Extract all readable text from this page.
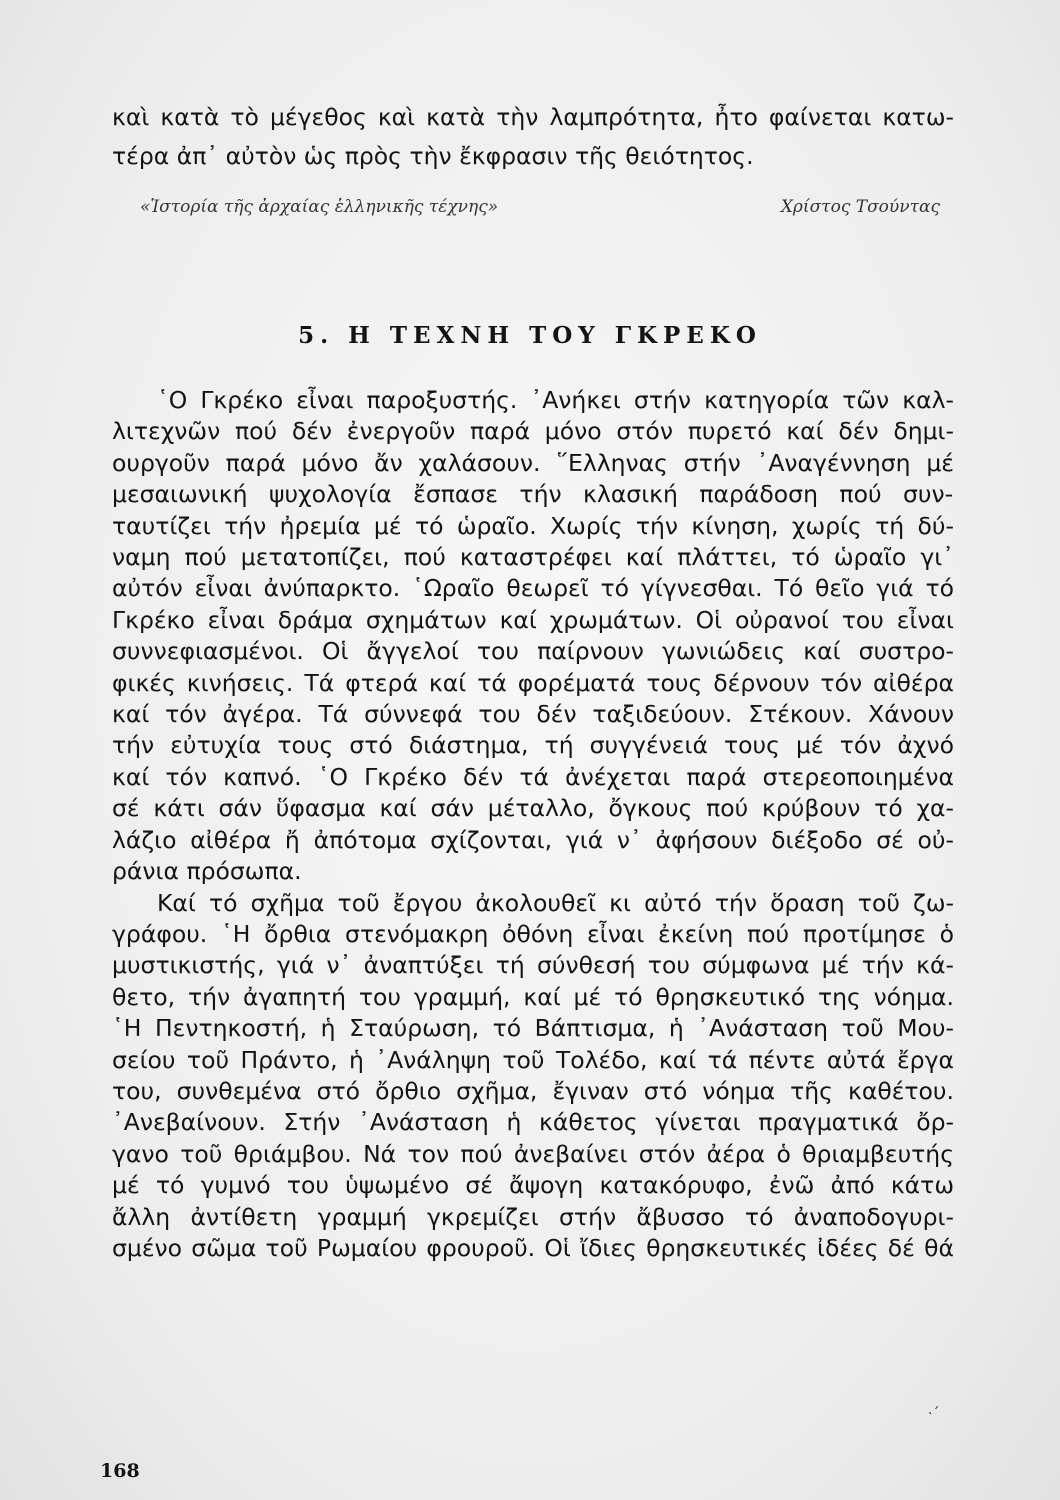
καὶ κατὰ τὸ μέγεθος καὶ κατὰ τὴν λαμπρότητα, ἦτο φαίνεται κατω-
τέρα ἀπ᾽ αὐτὸν ὡς πρὸς τὴν ἔκφρασιν τῆς θειότητος.
«Ἱστορία τῆς ἀρχαίας ἑλληνικῆς τέχνης»	Χρίστος Τσούντας
5. Η ΤΕΧΝΗ ΤΟΥ ΓΚΡΕΚΟ
῾Ο Γκρέκο εἶναι παροξυστής. ᾿Ανήκει στήν κατηγορία τῶν καλ-
λιτεχνῶν πού δέν ἐνεργοῦν παρά μόνο στόν πυρετό καί δέν δημι-
ουργοῦν παρά μόνο ἄν χαλάσουν. ῞Ελληνας στήν ᾿Αναγέννηση μέ
μεσαιωνική ψυχολογία ἔσπασε τήν κλασική παράδοση πού συν-
ταυτίζει τήν ἠρεμία μέ τό ὡραῖο. Χωρίς τήν κίνηση, χωρίς τή δύ-
ναμη πού μετατοπίζει, πού καταστρέφει καί πλάττει, τό ὡραῖο γι᾽
αὐτόν εἶναι ἀνύπαρκτο. ῾Ωραῖο θεωρεῖ τό γίγνεσθαι. Τό θεῖο γιά τό
Γκρέκο εἶναι δράμα σχημάτων καί χρωμάτων. Οἱ οὐρανοί του εἶναι
συννεφιασμένοι. Οἱ ἄγγελοί του παίρνουν γωνιώδεις καί συστρο-
φικές κινήσεις. Τά φτερά καί τά φορέματά τους δέρνουν τόν αἰθέρα
καί τόν ἀγέρα. Τά σύννεφά του δέν ταξιδεύουν. Στέκουν. Χάνουν
τήν εὐτυχία τους στό διάστημα, τή συγγένειά τους μέ τόν ἀχνό
καί τόν καπνό. ῾Ο Γκρέκο δέν τά ἀνέχεται παρά στερεοποιημένα
σέ κάτι σάν ὕφασμα καί σάν μέταλλο, ὄγκους πού κρύβουν τό χα-
λάζιο αἰθέρα ἤ ἀπότομα σχίζονται, γιά ν᾽ ἀφήσουν διέξοδο σέ οὐ-
ράνια πρόσωπα.
Καί τό σχῆμα τοῦ ἔργου ἀκολουθεῖ κι αὐτό τήν ὅραση τοῦ ζω-
γράφου. ῾Η ὄρθια στενόμακρη ὀθόνη εἶναι ἐκείνη πού προτίμησε ὁ
μυστικιστής, γιά ν᾽ ἀναπτύξει τή σύνθεσή του σύμφωνα μέ τήν κά-
θετο, τήν ἀγαπητή του γραμμή, καί μέ τό θρησκευτικό της νόημα.
῾Η Πεντηκοστή, ἡ Σταύρωση, τό Βάπτισμα, ἡ ᾿Ανάσταση τοῦ Μου-
σείου τοῦ Πράντο, ἡ ᾿Ανάληψη τοῦ Τολέδο, καί τά πέντε αὐτά ἔργα
του, συνθεμένα στό ὄρθιο σχῆμα, ἔγιναν στό νόημα τῆς καθέτου.
᾿Ανεβαίνουν. Στήν ᾿Ανάσταση ἡ κάθετος γίνεται πραγματικά ὄρ-
γανο τοῦ θριάμβου. Νά τον πού ἀνεβαίνει στόν ἀέρα ὁ θριαμβευτής
μέ τό γυμνό του ὑψωμένο σέ ἄψογη κατακόρυφο, ἐνῶ ἀπό κάτω
ἄλλη ἀντίθετη γραμμή γκρεμίζει στήν ἄβυσσο τό ἀναποδογυρι-
σμένο σῶμα τοῦ Ρωμαίου φρουροῦ. Οἱ ἴδιες θρησκευτικές ἰδέες δέ θά
168
·´
